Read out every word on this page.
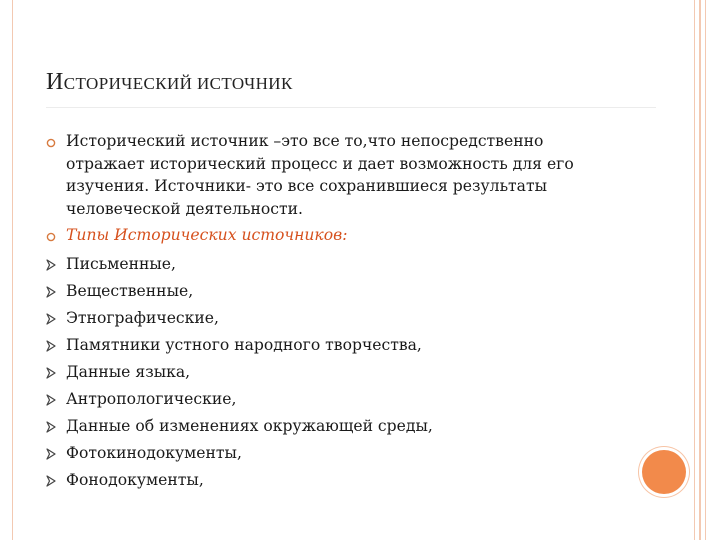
ИСТОРИЧЕСКИЙ ИСТОЧНИК
Исторический источник –это все то,что непосредственно отражает исторический процесс и дает возможность для его изучения. Источники- это все сохранившиеся результаты человеческой деятельности.
Типы Исторических источников:
Письменные,
Вещественные,
Этнографические,
Памятники устного народного творчества,
Данные языка,
Антропологические,
Данные об изменениях окружающей среды,
Фотокинодокументы,
Фонодокументы,
